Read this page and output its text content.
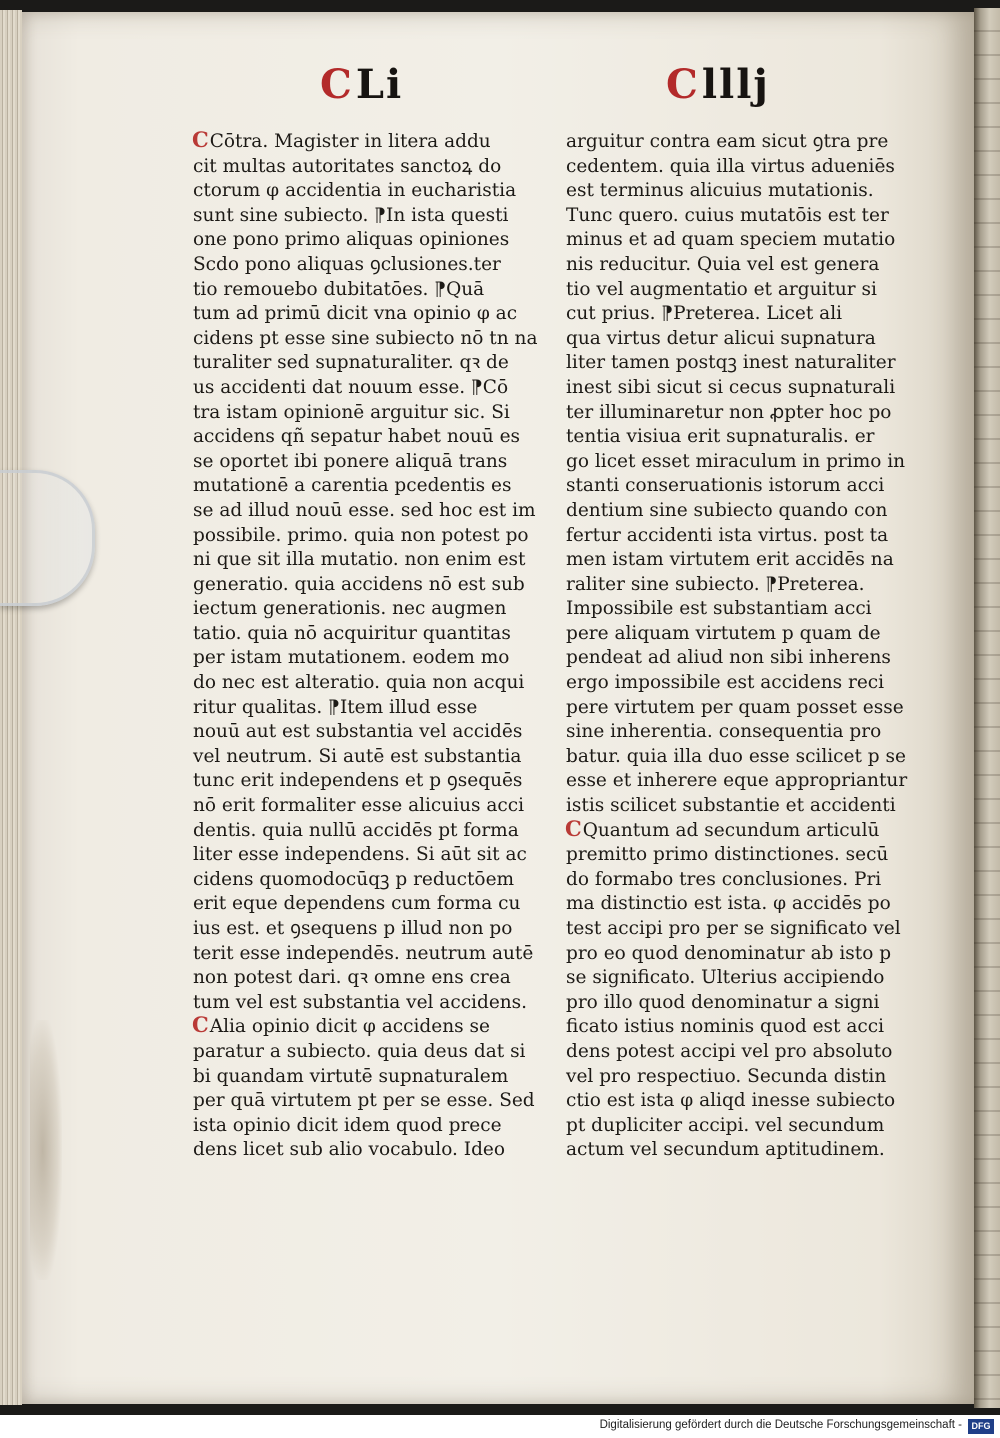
CLi	Clllj
CCōtra. Magister in litera addu
cit multas autoritates sanctoꝝ do
ctorum φ accidentia in eucharistia
sunt sine subiecto. ⁋In ista questi
one pono primo aliquas opiniones
Scdo pono aliquas ꝯclusiones.ter
tio remouebo dubitatōes. ⁋Quā
tum ad primū dicit vna opinio φ ac
cidens pt esse sine subiecto nō tn na
turaliter sed supnaturaliter. qꝛ de
us accidenti dat nouum esse. ⁋Cō
tra istam opinionē arguitur sic. Si
accidens qñ sepatur habet nouū es
se oportet ibi ponere aliquā trans
mutationē a carentia pcedentis es
se ad illud nouū esse. sed hoc est im
possibile. primo. quia non potest po
ni que sit illa mutatio. non enim est
generatio. quia accidens nō est sub
iectum generationis. nec augmen
tatio. quia nō acquiritur quantitas
per istam mutationem. eodem mo
do nec est alteratio. quia non acqui
ritur qualitas. ⁋Item illud esse
nouū aut est substantia vel accidēs
vel neutrum. Si autē est substantia
tunc erit independens et p ꝯsequēs
nō erit formaliter esse alicuius acci
dentis. quia nullū accidēs pt forma
liter esse independens. Si aūt sit ac
cidens quomodocūqꝫ p reductōem
erit eque dependens cum forma cu
ius est. et ꝯsequens p illud non po
terit esse independēs. neutrum autē
non potest dari. qꝛ omne ens crea
tum vel est substantia vel accidens.
CAlia opinio dicit φ accidens se
paratur a subiecto. quia deus dat si
bi quandam virtutē supnaturalem
per quā virtutem pt per se esse. Sed
ista opinio dicit idem quod prece
dens licet sub alio vocabulo. Ideo
arguitur contra eam sicut ꝯtra pre
cedentem. quia illa virtus adueniēs
est terminus alicuius mutationis.
Tunc quero. cuius mutatōis est ter
minus et ad quam speciem mutatio
nis reducitur. Quia vel est genera
tio vel augmentatio et arguitur si
cut prius. ⁋Preterea. Licet ali
qua virtus detur alicui supnatura
liter tamen postqꝫ inest naturaliter
inest sibi sicut si cecus supnaturali
ter illuminaretur non ꝓpter hoc po
tentia visiua erit supnaturalis. er
go licet esset miraculum in primo in
stanti conseruationis istorum acci
dentium sine subiecto quando con
fertur accidenti ista virtus. post ta
men istam virtutem erit accidēs na
raliter sine subiecto. ⁋Preterea.
Impossibile est substantiam acci
pere aliquam virtutem p quam de
pendeat ad aliud non sibi inherens
ergo impossibile est accidens reci
pere virtutem per quam posset esse
sine inherentia. consequentia pro
batur. quia illa duo esse scilicet p se
esse et inherere eque appropriantur
istis scilicet substantie et accidenti
CQuantum ad secundum articulū
premitto primo distinctiones. secū
do formabo tres conclusiones. Pri
ma distinctio est ista. φ accidēs po
test accipi pro per se significato vel
pro eo quod denominatur ab isto p
se significato. Ulterius accipiendo
pro illo quod denominatur a signi
ficato istius nominis quod est acci
dens potest accipi vel pro absoluto
vel pro respectiuo. Secunda distin
ctio est ista φ aliqd inesse subiecto
pt dupliciter accipi. vel secundum
actum vel secundum aptitudinem.
Digitalisierung gefördert durch die Deutsche Forschungsgemeinschaft -	DFG
